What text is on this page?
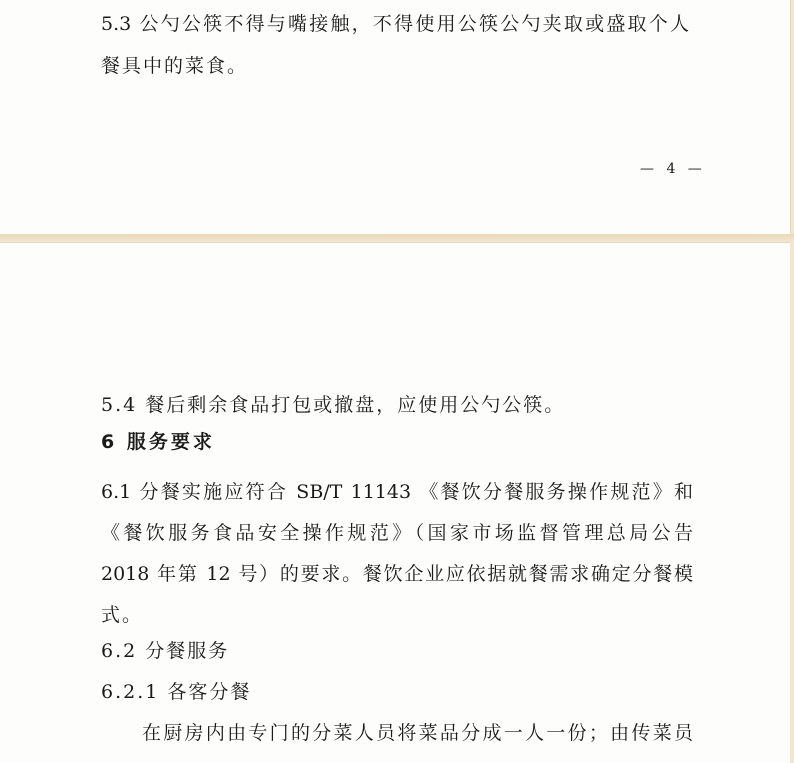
5.3 公勺公筷不得与嘴接触，不得使用公筷公勺夹取或盛取个人
餐具中的菜食。
— 4 —
5.4 餐后剩余食品打包或撤盘，应使用公勺公筷。
6 服务要求
6.1 分餐实施应符合 SB/T 11143 《餐饮分餐服务操作规范》和
《餐饮服务食品安全操作规范》（国家市场监督管理总局公告
2018 年第 12 号）的要求。餐饮企业应依据就餐需求确定分餐模
式。
6.2 分餐服务
6.2.1 各客分餐
在厨房内由专门的分菜人员将菜品分成一人一份；由传菜员
